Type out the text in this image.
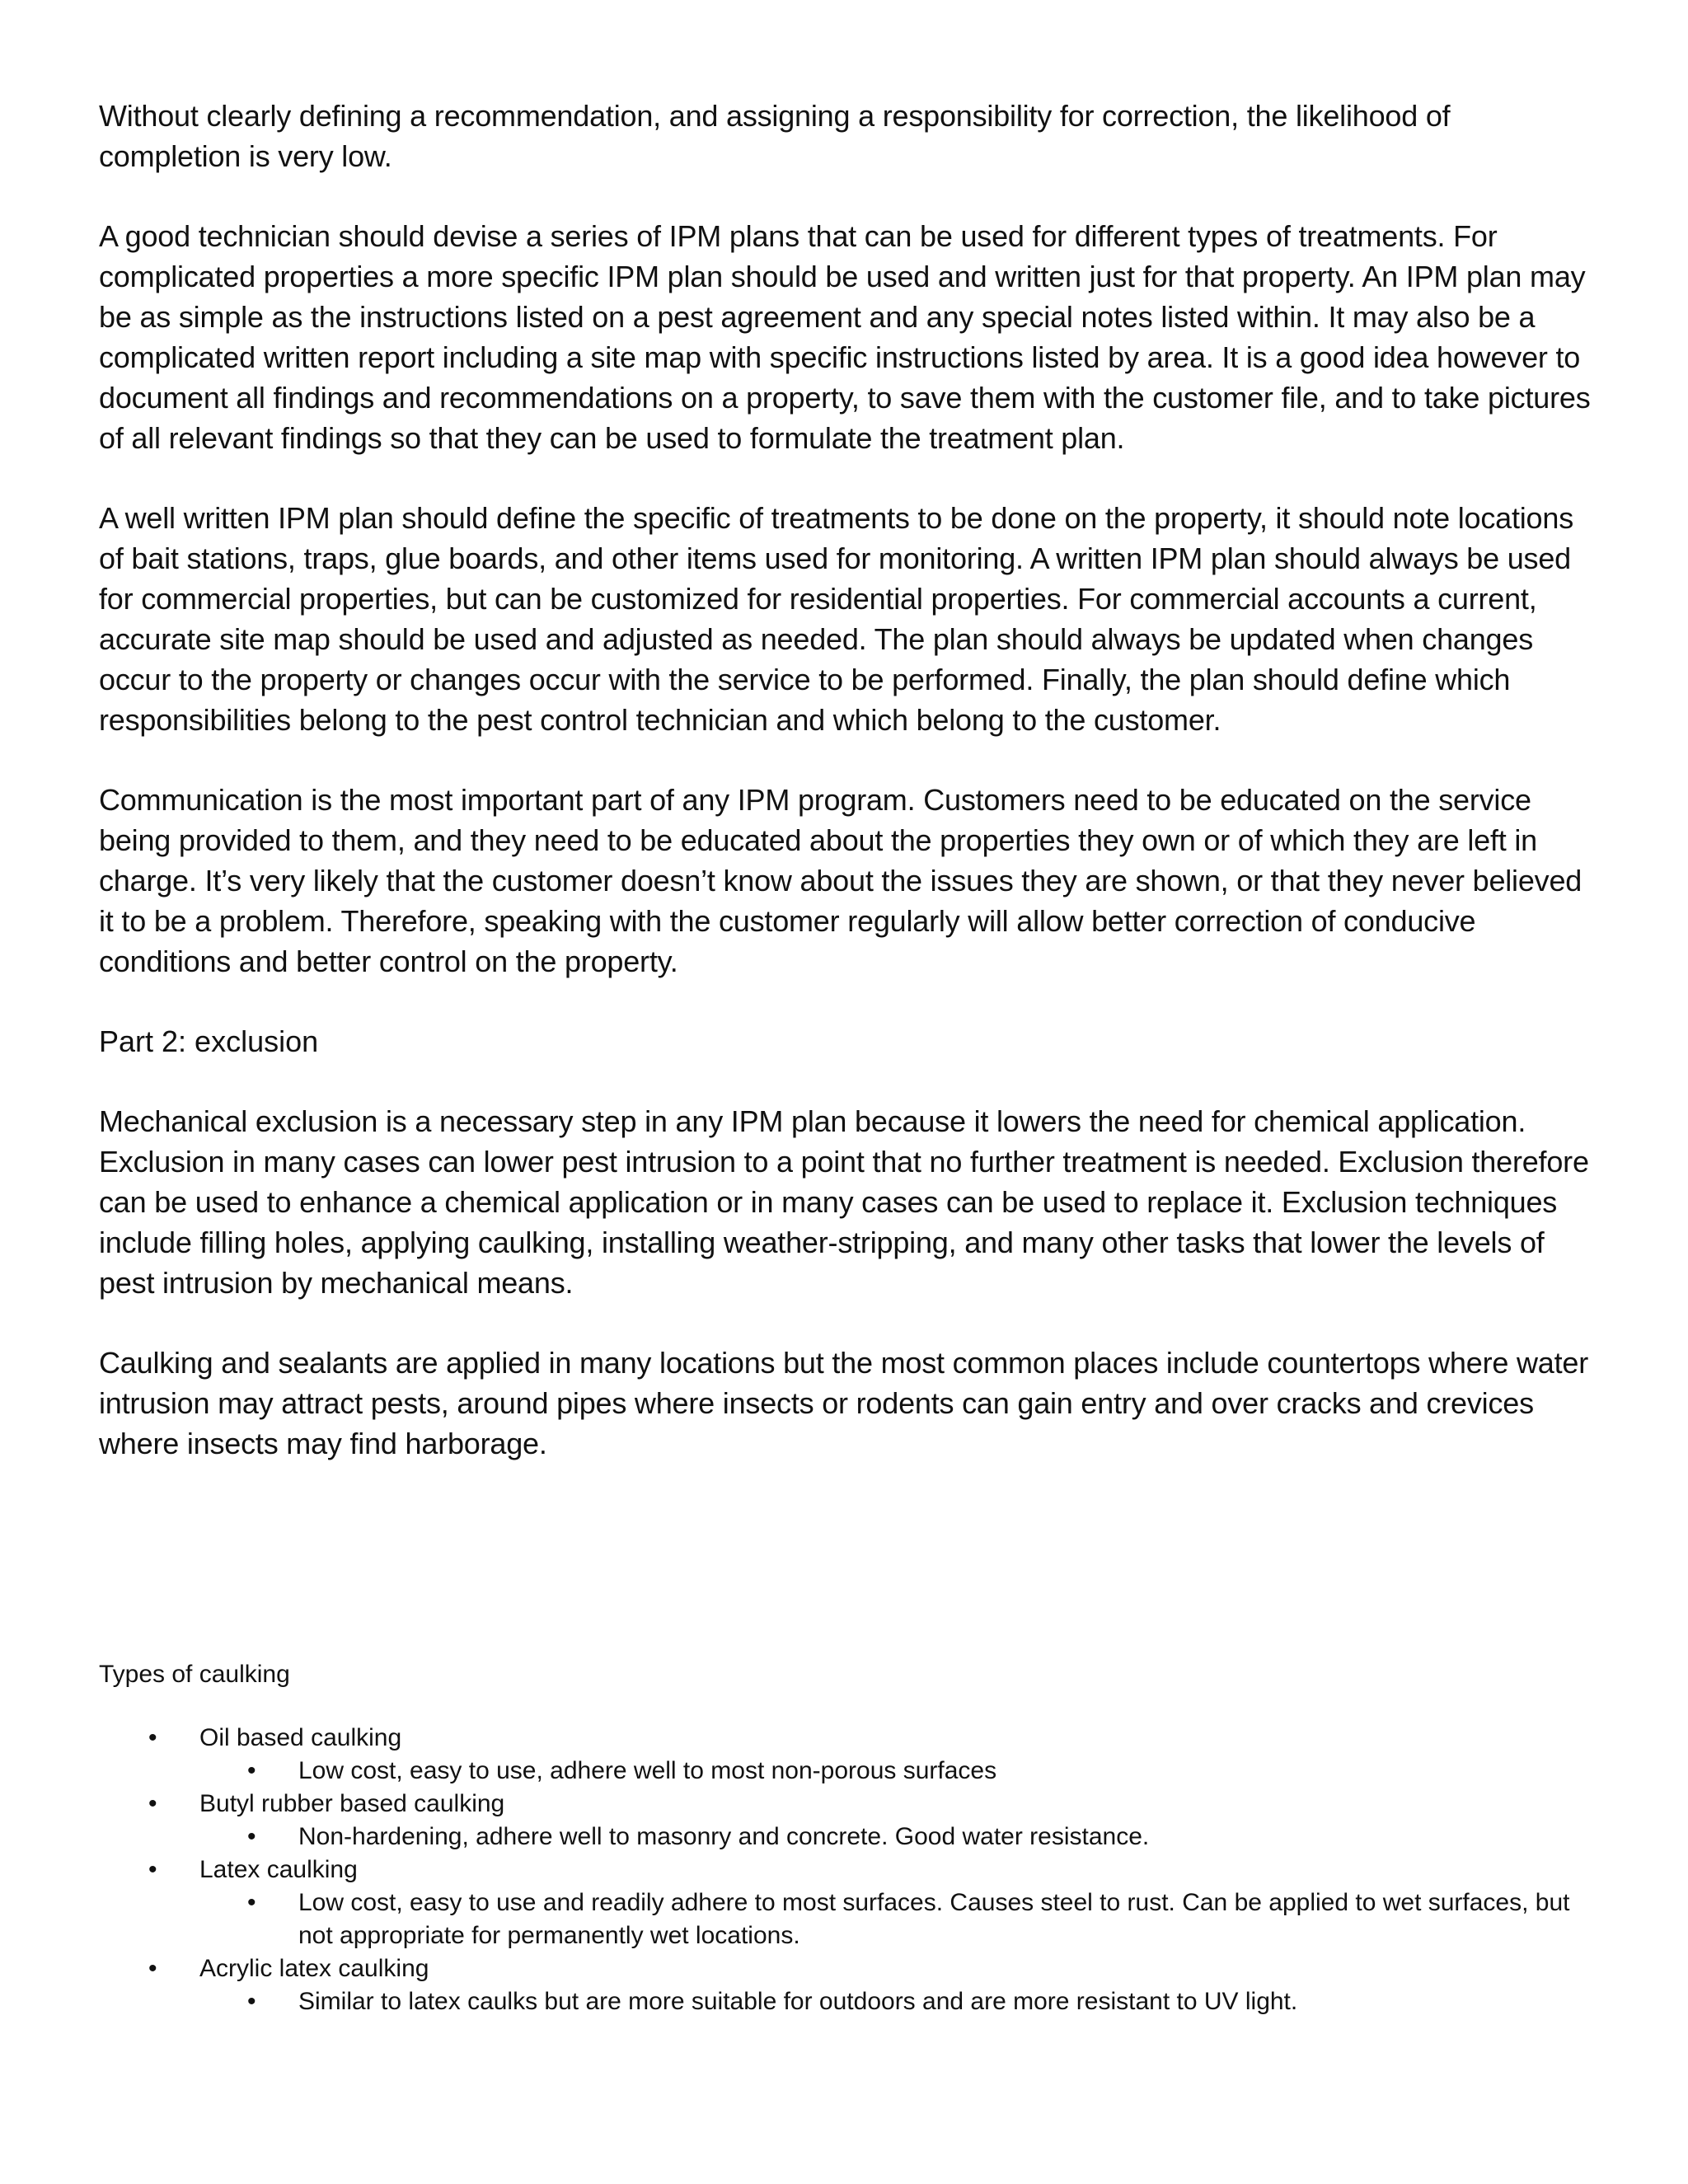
Without clearly defining a recommendation, and assigning a responsibility for correction, the likelihood of completion is very low.

A good technician should devise a series of IPM plans that can be used for different types of treatments. For complicated properties a more specific IPM plan should be used and written just for that property. An IPM plan may be as simple as the instructions listed on a pest agreement and any special notes listed within. It may also be a complicated written report including a site map with specific instructions listed by area. It is a good idea however to document all findings and recommendations on a property, to save them with the customer file, and to take pictures of all relevant findings so that they can be used to formulate the treatment plan.

A well written IPM plan should define the specific of treatments to be done on the property, it should note locations of bait stations, traps, glue boards, and other items used for monitoring. A written IPM plan should always be used for commercial properties, but can be customized for residential properties. For commercial accounts a current, accurate site map should be used and adjusted as needed. The plan should always be updated when changes occur to the property or changes occur with the service to be performed. Finally, the plan should define which responsibilities belong to the pest control technician and which belong to the customer.

Communication is the most important part of any IPM program. Customers need to be educated on the service being provided to them, and they need to be educated about the properties they own or of which they are left in charge. It’s very likely that the customer doesn’t know about the issues they are shown, or that they never believed it to be a problem. Therefore, speaking with the customer regularly will allow better correction of conducive conditions and better control on the property.

Part 2: exclusion

Mechanical exclusion is a necessary step in any IPM plan because it lowers the need for chemical application. Exclusion in many cases can lower pest intrusion to a point that no further treatment is needed. Exclusion therefore can be used to enhance a chemical application or in many cases can be used to replace it. Exclusion techniques include filling holes, applying caulking, installing weather-stripping, and many other tasks that lower the levels of pest intrusion by mechanical means.

Caulking and sealants are applied in many locations but the most common places include countertops where water intrusion may attract pests, around pipes where insects or rodents can gain entry and over cracks and crevices where insects may find harborage.

Types of caulking

• Oil based caulking
• Low cost, easy to use, adhere well to most non-porous surfaces
• Butyl rubber based caulking
• Non-hardening, adhere well to masonry and concrete. Good water resistance.
• Latex caulking
• Low cost, easy to use and readily adhere to most surfaces. Causes steel to rust. Can be applied to wet surfaces, but not appropriate for permanently wet locations.
• Acrylic latex caulking
• Similar to latex caulks but are more suitable for outdoors and are more resistant to UV light.
